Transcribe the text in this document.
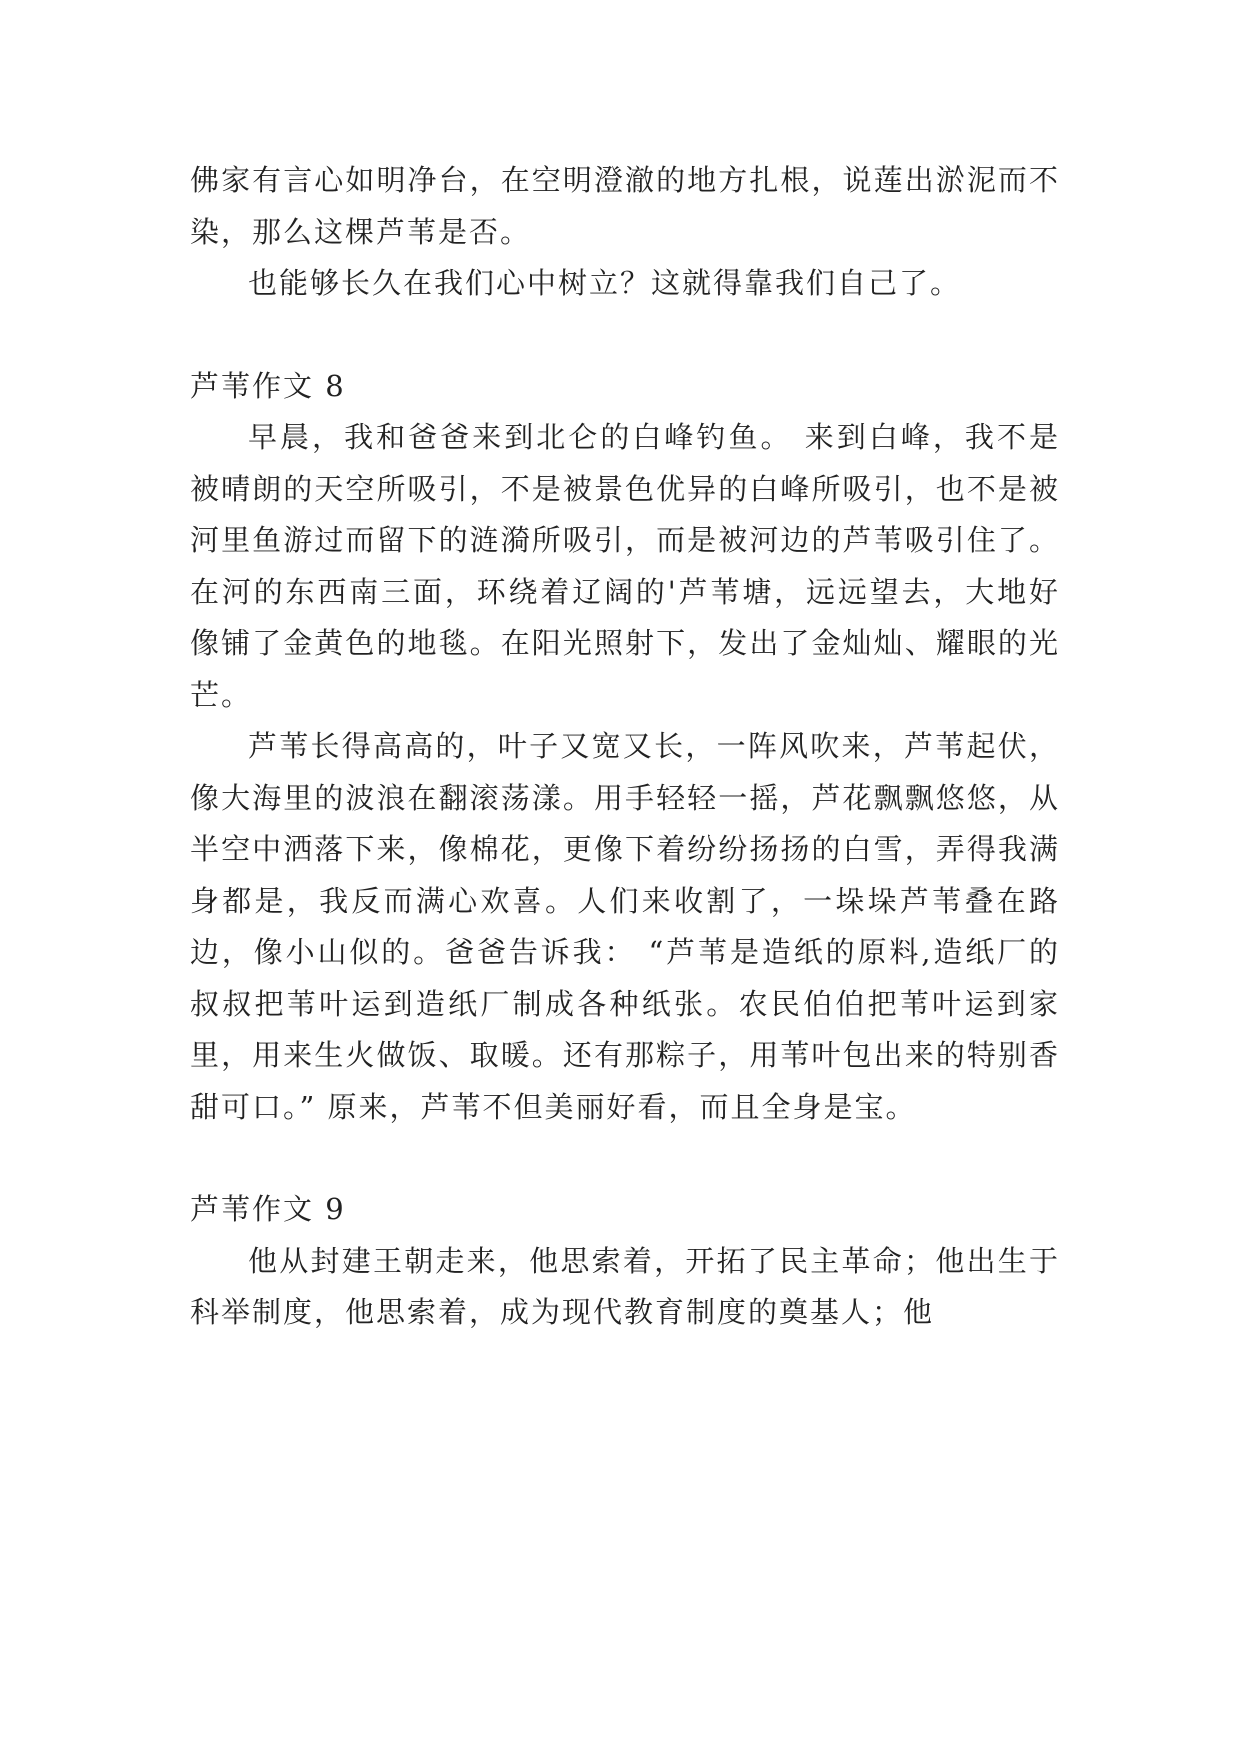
佛家有言心如明净台，在空明澄澈的地方扎根，说莲出淤泥而不染，那么这棵芦苇是否。

也能够长久在我们心中树立？这就得靠我们自己了。

芦苇作文 8

早晨，我和爸爸来到北仑的白峰钓鱼。 来到白峰，我不是被晴朗的天空所吸引，不是被景色优异的白峰所吸引，也不是被河里鱼游过而留下的涟漪所吸引，而是被河边的芦苇吸引住了。 在河的东西南三面，环绕着辽阔的'芦苇塘，远远望去，大地好像铺了金黄色的地毯。在阳光照射下，发出了金灿灿、耀眼的光芒。

芦苇长得高高的，叶子又宽又长，一阵风吹来，芦苇起伏，像大海里的波浪在翻滚荡漾。用手轻轻一摇，芦花飘飘悠悠，从半空中洒落下来，像棉花，更像下着纷纷扬扬的白雪，弄得我满身都是，我反而满心欢喜。人们来收割了，一垛垛芦苇叠在路边，像小山似的。爸爸告诉我： “芦苇是造纸的原料,造纸厂的叔叔把苇叶运到造纸厂制成各种纸张。农民伯伯把苇叶运到家里，用来生火做饭、取暖。还有那粽子，用苇叶包出来的特别香甜可口。” 原来，芦苇不但美丽好看，而且全身是宝。

芦苇作文 9

他从封建王朝走来，他思索着，开拓了民主革命；他出生于科举制度，他思索着，成为现代教育制度的奠基人；他
